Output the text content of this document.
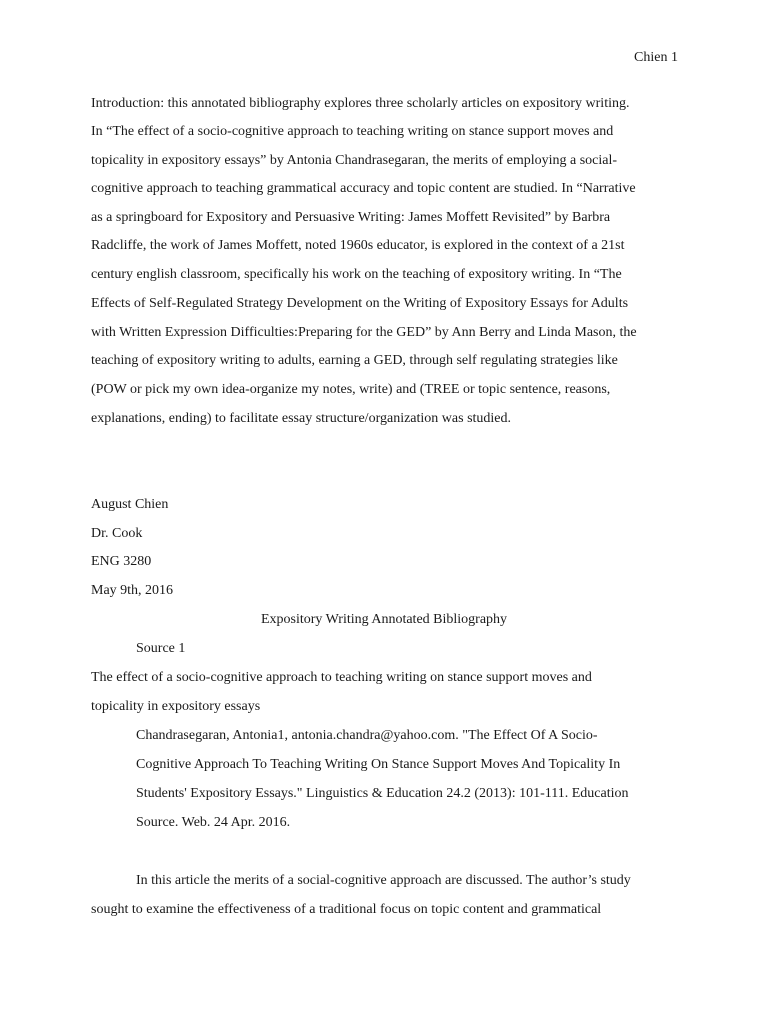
Chien 1
Introduction: this annotated bibliography explores three scholarly articles on expository writing.
In “The effect of a socio-cognitive approach to teaching writing on stance support moves and
topicality in expository essays” by Antonia Chandrasegaran, the merits of employing a social-
cognitive approach to teaching grammatical accuracy and topic content are studied. In “Narrative
as a springboard for Expository and Persuasive Writing: James Moffett Revisited” by Barbra
Radcliffe, the work of James Moffett, noted 1960s educator, is explored in the context of a 21st
century english classroom, specifically his work on the teaching of expository writing. In “The
Effects of Self-Regulated Strategy Development on the Writing of Expository Essays for Adults
with Written Expression Difficulties:Preparing for the GED” by Ann Berry and Linda Mason, the
teaching of expository writing to adults, earning a GED, through self regulating strategies like
(POW or pick my own idea-organize my notes, write) and (TREE or topic sentence, reasons,
explanations, ending) to facilitate essay structure/organization was studied.
August Chien
Dr. Cook
ENG 3280
May 9th, 2016
Expository Writing Annotated Bibliography
Source 1
The effect of a socio-cognitive approach to teaching writing on stance support moves and
topicality in expository essays
Chandrasegaran, Antonia1, antonia.chandra@yahoo.com. "The Effect Of A Socio-
Cognitive Approach To Teaching Writing On Stance Support Moves And Topicality In
Students' Expository Essays." Linguistics & Education 24.2 (2013): 101-111. Education
Source. Web. 24 Apr. 2016.
In this article the merits of a social-cognitive approach are discussed. The author’s study
sought to examine the effectiveness of a traditional focus on topic content and grammatical
